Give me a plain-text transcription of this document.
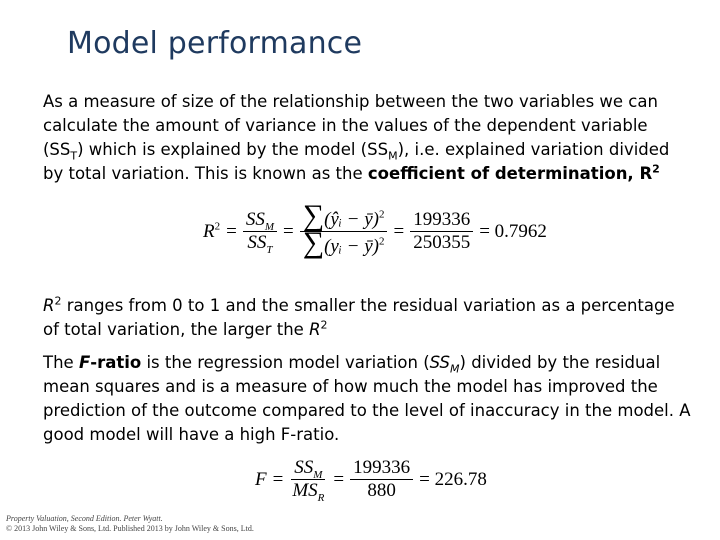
Model performance
As a measure of size of the relationship between the two variables we can calculate the amount of variance in the values of the dependent variable $(SS_T)$ which is explained by the model $(SS_M)$, i.e. explained variation divided by total variation. This is known as the coefficient of determination, $R^2$
$R^2 = \frac{SS_M}{SS_T} = \frac{\sum(ŷᵢ - ȳ)^2}{\sum(yᵢ - ȳ)^2} = \frac{199336}{250355} = 0.7962$
$R^2$ ranges from 0 to 1 and the smaller the residual variation as a percentage of total variation, the larger the $R^2$
The F-ratio is the regression model variation $(SS_M)$ divided by the residual mean squares and is a measure of how much the model has improved the prediction of the outcome compared to the level of inaccuracy in the model. A good model will have a high F-ratio.
$F = \frac{SS_M}{MS_R} = \frac{199336}{880} = 226.78$
Property Valuation, Second Edition. Peter Wyatt.
© 2013 John Wiley & Sons, Ltd. Published 2013 by John Wiley & Sons, Ltd.
